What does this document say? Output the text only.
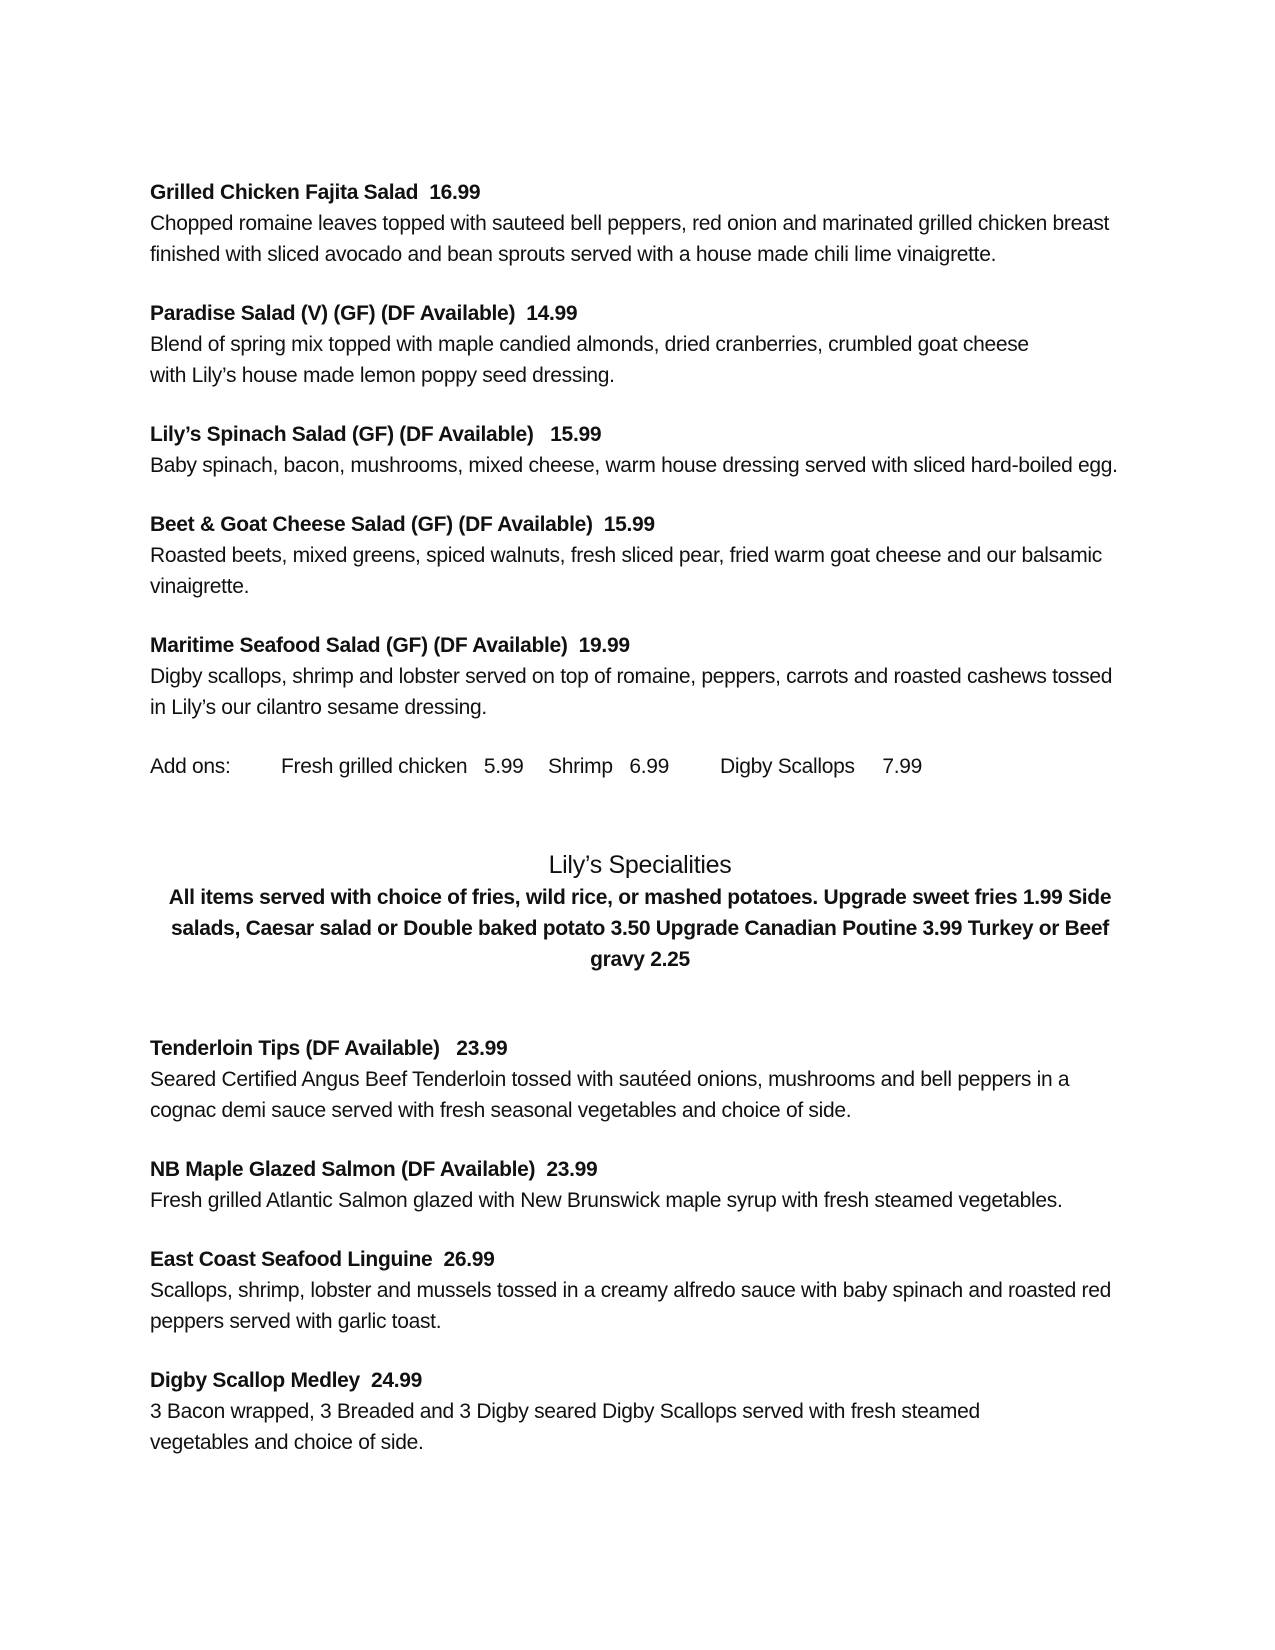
Grilled Chicken Fajita Salad  16.99
Chopped romaine leaves topped with sauteed bell peppers, red onion and marinated grilled chicken breast finished with sliced avocado and bean sprouts served with a house made chili lime vinaigrette.
Paradise Salad (V) (GF) (DF Available)  14.99
Blend of spring mix topped with maple candied almonds, dried cranberries, crumbled goat cheese with Lily’s house made lemon poppy seed dressing.
Lily’s Spinach Salad (GF) (DF Available)   15.99
Baby spinach, bacon, mushrooms, mixed cheese, warm house dressing served with sliced hard-boiled egg.
Beet & Goat Cheese Salad (GF) (DF Available)  15.99
Roasted beets, mixed greens, spiced walnuts, fresh sliced pear, fried warm goat cheese and our balsamic vinaigrette.
Maritime Seafood Salad (GF) (DF Available)  19.99
Digby scallops, shrimp and lobster served on top of romaine, peppers, carrots and roasted cashews tossed in Lily’s our cilantro sesame dressing.
Add ons: Fresh grilled chicken   5.99 Shrimp   6.99 Digby Scallops     7.99
Lily’s Specialities
All items served with choice of fries, wild rice, or mashed potatoes. Upgrade sweet fries 1.99 Side salads, Caesar salad or Double baked potato 3.50 Upgrade Canadian Poutine 3.99 Turkey or Beef gravy 2.25
Tenderloin Tips (DF Available)   23.99
Seared Certified Angus Beef Tenderloin tossed with sautéed onions, mushrooms and bell peppers in a cognac demi sauce served with fresh seasonal vegetables and choice of side.
NB Maple Glazed Salmon (DF Available)  23.99
Fresh grilled Atlantic Salmon glazed with New Brunswick maple syrup with fresh steamed vegetables.
East Coast Seafood Linguine  26.99
Scallops, shrimp, lobster and mussels tossed in a creamy alfredo sauce with baby spinach and roasted red peppers served with garlic toast.
Digby Scallop Medley  24.99
3 Bacon wrapped, 3 Breaded and 3 Digby seared Digby Scallops served with fresh steamed vegetables and choice of side.
